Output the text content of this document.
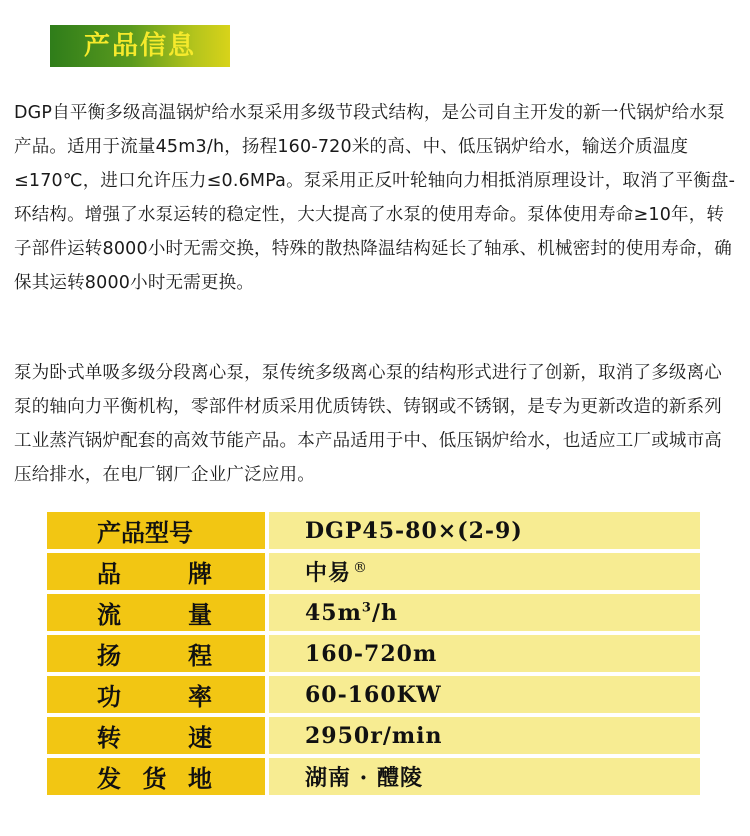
产品信息

DGP自平衡多级高温锅炉给水泵采用多级节段式结构，是公司自主开发的新一代锅炉给水泵产品。适用于流量45m3/h，扬程160-720米的高、中、低压锅炉给水，输送介质温度≤170℃，进口允许压力≤0.6MPa。泵采用正反叶轮轴向力相抵消原理设计，取消了平衡盘-环结构。增强了水泵运转的稳定性，大大提高了水泵的使用寿命。泵体使用寿命≥10年，转子部件运转8000小时无需交换，特殊的散热降温结构延长了轴承、机械密封的使用寿命，确保其运转8000小时无需更换。

泵为卧式单吸多级分段离心泵，泵传统多级离心泵的结构形式进行了创新，取消了多级离心泵的轴向力平衡机构，零部件材质采用优质铸铁、铸钢或不锈钢，是专为更新改造的新系列工业蒸汽锅炉配套的高效节能产品。本产品适用于中、低压锅炉给水，也适应工厂或城市高压给排水，在电厂钢厂企业广泛应用。

产品型号	DGP45-80×(2-9)

品 牌	中易 ®

流 量	$45m^3/h$

扬 程	160-720m

功 率	60-160KW

转 速	2950r/min

发 货 地	湖南 · 醴陵
